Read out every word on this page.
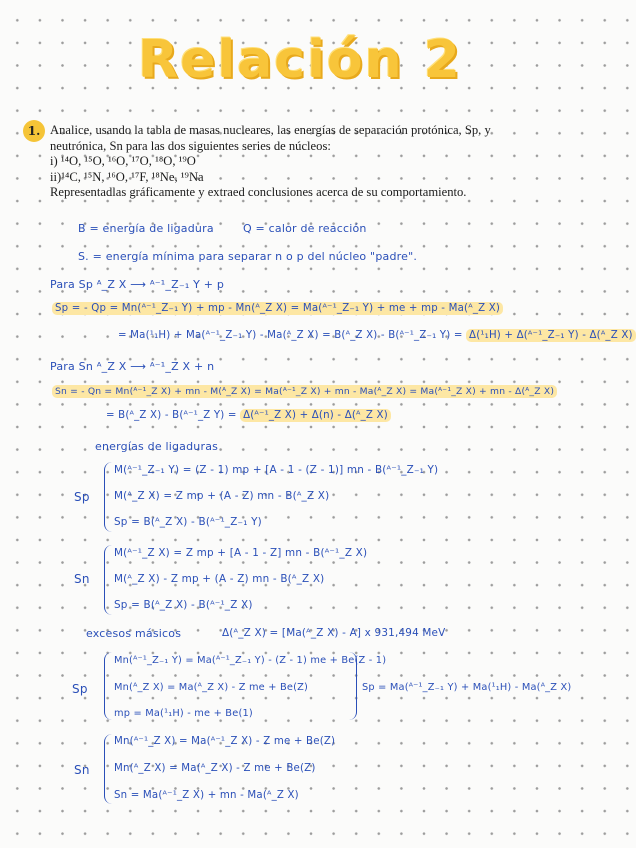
Relación 2
1. Analice, usando la tabla de masas nucleares, las energías de separación protónica, Sp, y

neutrónica, Sn para las dos siguientes series de núcleos:

i) ¹⁴O, ¹⁵O, ¹⁶O, ¹⁷O, ¹⁸O, ¹⁹O

ii)¹⁴C, ¹⁵N, ¹⁶O, ¹⁷F, ¹⁸Ne, ¹⁹Na

Representadlas gráficamente y extraed conclusiones acerca de su comportamiento.

B = energía de ligadura	Q = calor de reacción
S. = energía mínima para separar n o p del núcleo "padre".
Para Sp ᴬ_Z X ⟶ ᴬ⁻¹_Z₋₁ Y + p
Sp = - Qp = Mn(ᴬ⁻¹_Z₋₁ Y) + mp - Mn(ᴬ_Z X) = Ma(ᴬ⁻¹_Z₋₁ Y) + me + mp - Ma(ᴬ_Z X)
= Ma(¹₁H) + Ma(ᴬ⁻¹_Z₋₁ Y) - Ma(ᴬ_Z X) = B(ᴬ_Z X) - B(ᴬ⁻¹_Z₋₁ Y) = Δ(¹₁H) + Δ(ᴬ⁻¹_Z₋₁ Y) - Δ(ᴬ_Z X)
Para Sn ᴬ_Z X ⟶ ᴬ⁻¹_Z X + n
Sn = - Qn = Mn(ᴬ⁻¹_Z X) + mn - M(ᴬ_Z X) = Ma(ᴬ⁻¹_Z X) + mn - Ma(ᴬ_Z X) = Ma(ᴬ⁻¹_Z X) + mn - Δ(ᴬ_Z X)
= B(ᴬ_Z X) - B(ᴬ⁻¹_Z Y) = Δ(ᴬ⁻¹_Z X) + Δ(n) - Δ(ᴬ_Z X)
energías de ligaduras
Sp
M(ᴬ⁻¹_Z₋₁ Y) = (Z - 1) mp + [A - 1 - (Z - 1)] mn - B(ᴬ⁻¹_Z₋₁ Y)
M(ᴬ_Z X) = Z mp + (A - Z) mn - B(ᴬ_Z X)
Sp = B(ᴬ_Z X) - B(ᴬ⁻¹_Z₋₁ Y)
Sn
M(ᴬ⁻¹_Z X) = Z mp + [A - 1 - Z] mn - B(ᴬ⁻¹_Z X)
M(ᴬ_Z X) - Z mp + (A - Z) mn - B(ᴬ_Z X)
Sp = B(ᴬ_Z X) - B(ᴬ⁻¹_Z X)
excesos másicos	Δ(ᴬ_Z X) = [Ma(ᴬ_Z X) - A] x 931,494 MeV
Sp
Mn(ᴬ⁻¹_Z₋₁ Y) = Ma(ᴬ⁻¹_Z₋₁ Y) - (Z - 1) me + Be(Z - 1)
Mn(ᴬ_Z X) = Ma(ᴬ_Z X) - Z me + Be(Z)
mp = Ma(¹₁H) - me + Be(1)
Sp = Ma(ᴬ⁻¹_Z₋₁ Y) + Ma(¹₁H) - Ma(ᴬ_Z X)
Sn
Mn(ᴬ⁻¹_Z X) = Ma(ᴬ⁻¹_Z X) - Z me + Be(Z)
Mn(ᴬ_Z X) = Ma(ᴬ_Z X) - Z me + Be(Z)
Sn = Ma(ᴬ⁻¹_Z X) + mn - Ma(ᴬ_Z X)
